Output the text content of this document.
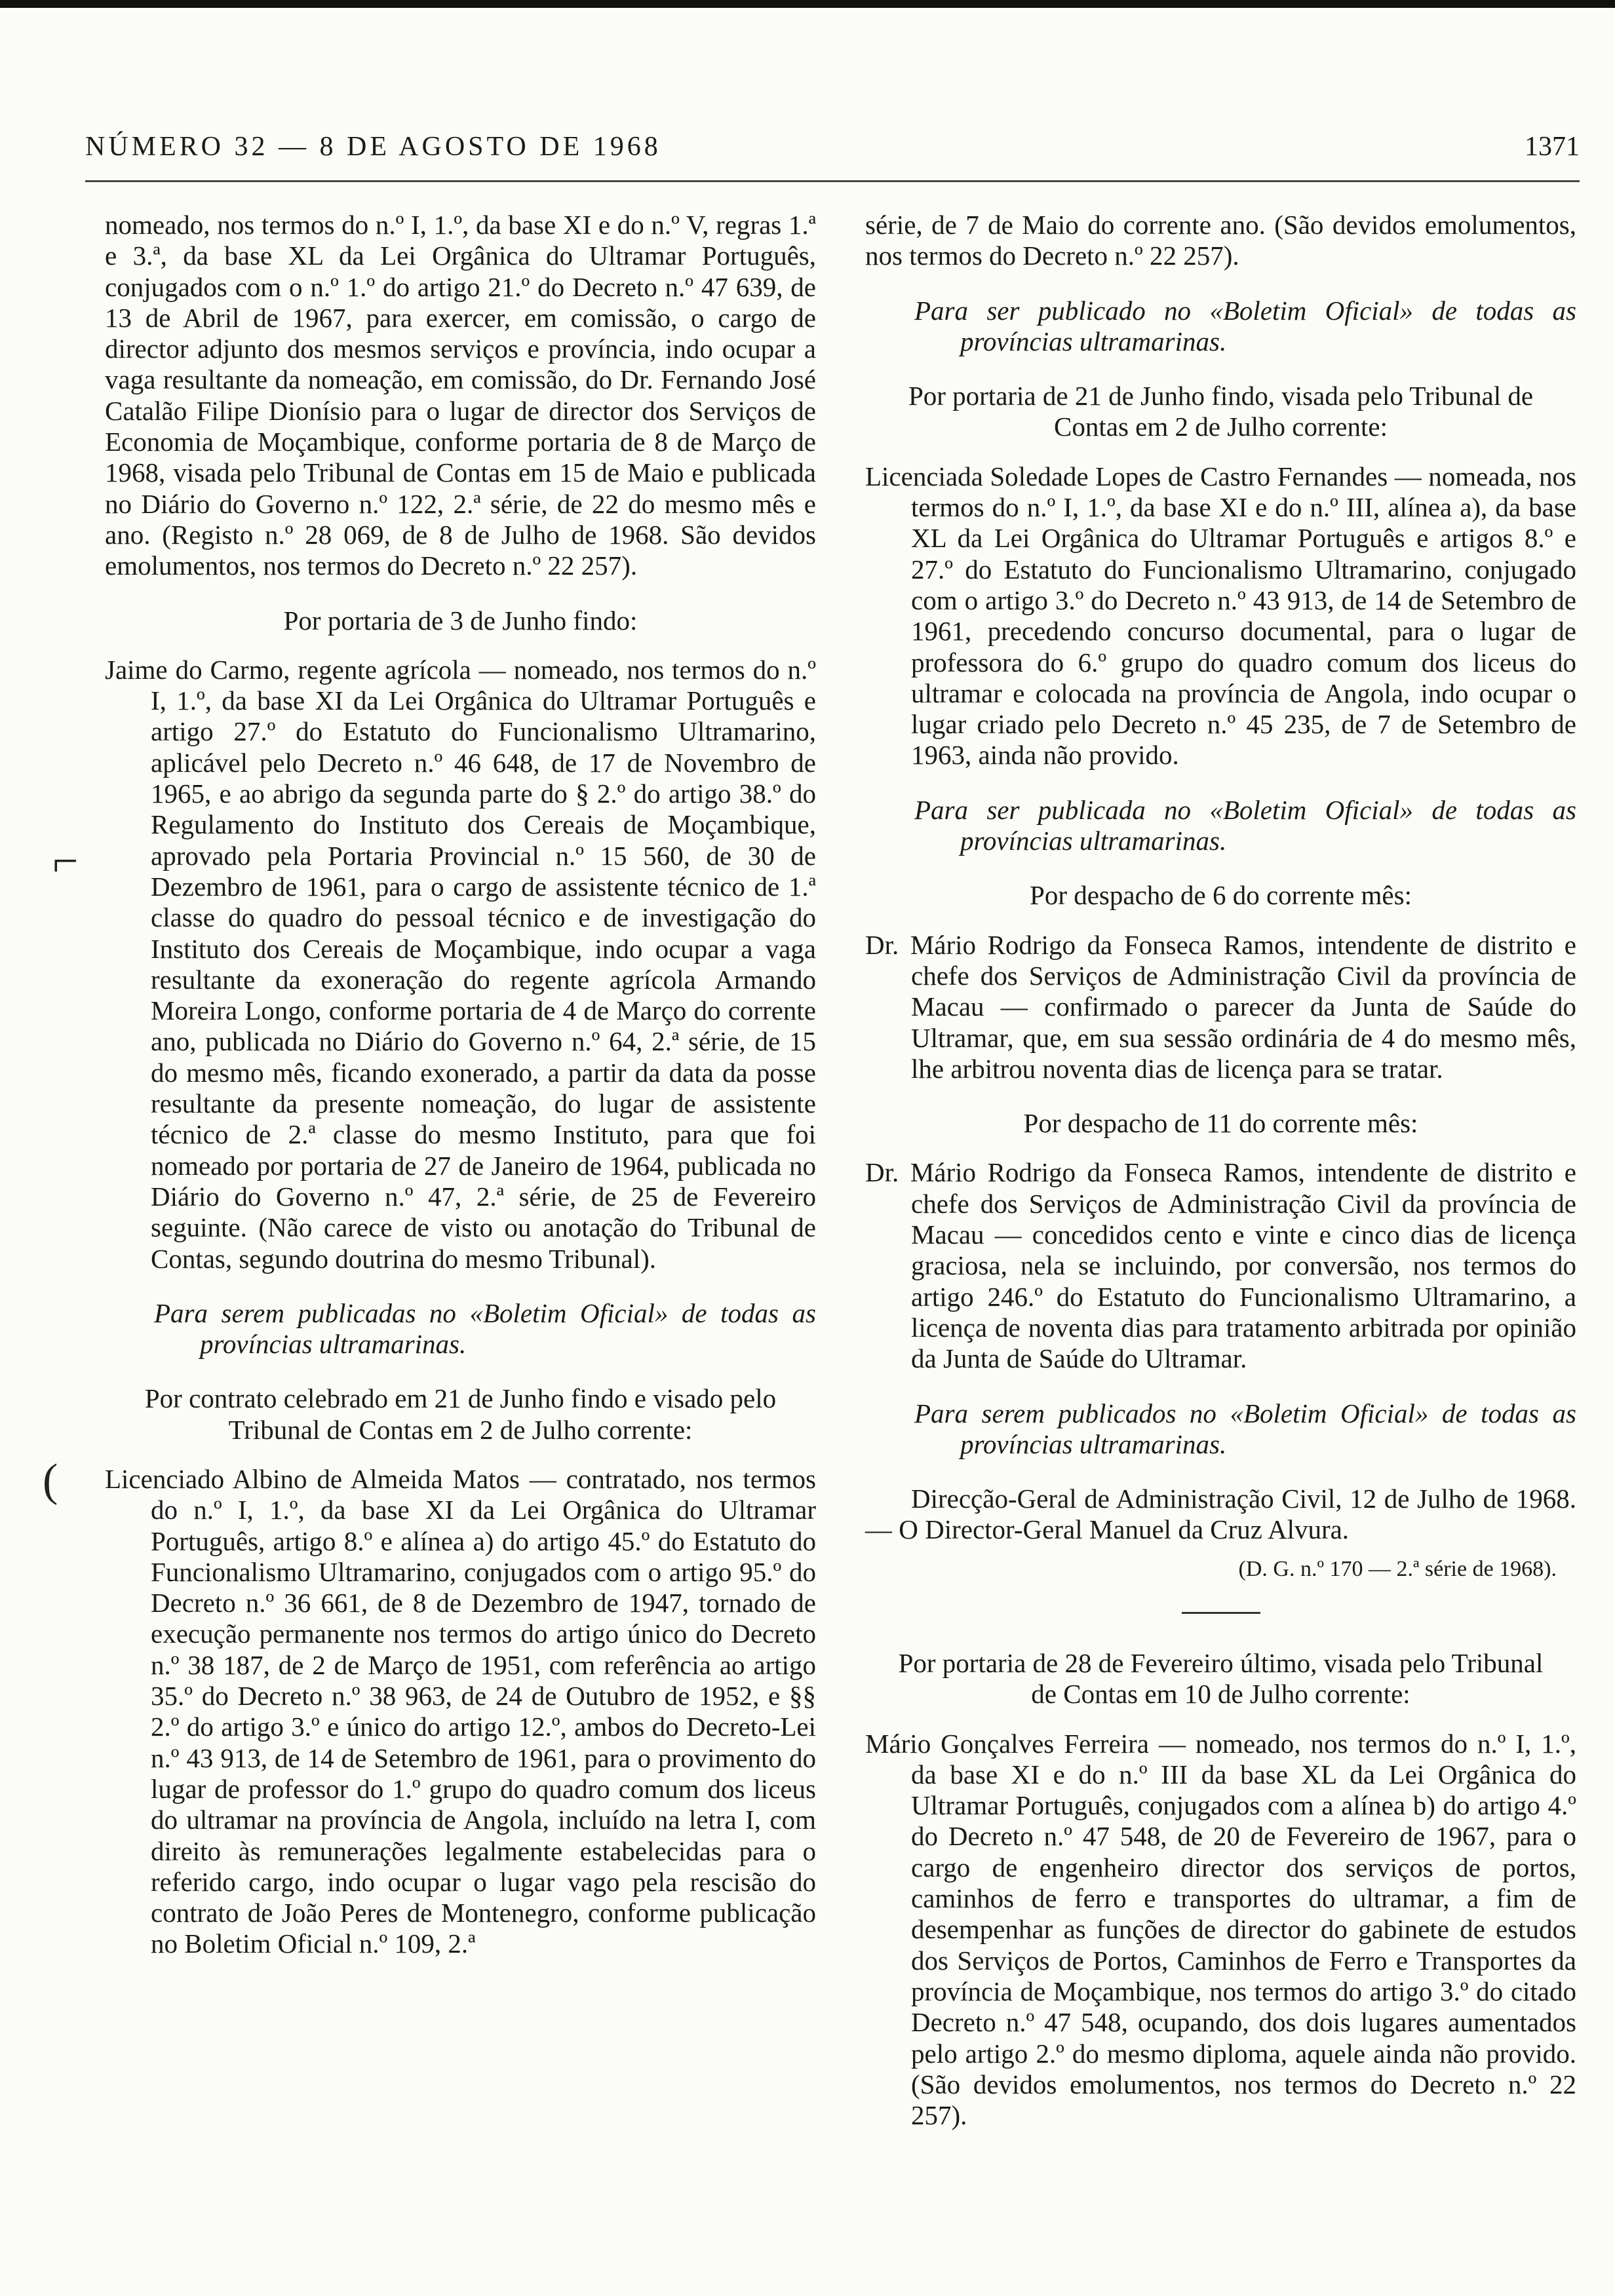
NÚMERO 32 — 8 DE AGOSTO DE 1968	1371
⌐
(

nomeado, nos termos do n.º I, 1.º, da base XI e do n.º V, regras 1.ª e 3.ª, da base XL da Lei Orgânica do Ultramar Português, conjugados com o n.º 1.º do artigo 21.º do Decreto n.º 47 639, de 13 de Abril de 1967, para exercer, em comissão, o cargo de director adjunto dos mesmos serviços e província, indo ocupar a vaga resultante da nomeação, em comissão, do Dr. Fernando José Catalão Filipe Dionísio para o lugar de director dos Serviços de Economia de Moçambique, conforme portaria de 8 de Março de 1968, visada pelo Tribunal de Contas em 15 de Maio e publicada no Diário do Governo n.º 122, 2.ª série, de 22 do mesmo mês e ano. (Registo n.º 28 069, de 8 de Julho de 1968. São devidos emolumentos, nos termos do Decreto n.º 22 257).

Por portaria de 3 de Junho findo:

Jaime do Carmo, regente agrícola — nomeado, nos termos do n.º I, 1.º, da base XI da Lei Orgânica do Ultramar Português e artigo 27.º do Estatuto do Funcionalismo Ultramarino, aplicável pelo Decreto n.º 46 648, de 17 de Novembro de 1965, e ao abrigo da segunda parte do § 2.º do artigo 38.º do Regulamento do Instituto dos Cereais de Moçambique, aprovado pela Portaria Provincial n.º 15 560, de 30 de Dezembro de 1961, para o cargo de assistente técnico de 1.ª classe do quadro do pessoal técnico e de investigação do Instituto dos Cereais de Moçambique, indo ocupar a vaga resultante da exoneração do regente agrícola Armando Moreira Longo, conforme portaria de 4 de Março do corrente ano, publicada no Diário do Governo n.º 64, 2.ª série, de 15 do mesmo mês, ficando exonerado, a partir da data da posse resultante da presente nomeação, do lugar de assistente técnico de 2.ª classe do mesmo Instituto, para que foi nomeado por portaria de 27 de Janeiro de 1964, publicada no Diário do Governo n.º 47, 2.ª série, de 25 de Fevereiro seguinte. (Não carece de visto ou anotação do Tribunal de Contas, segundo doutrina do mesmo Tribunal).

Para serem publicadas no «Boletim Oficial» de todas as províncias ultramarinas.

Por contrato celebrado em 21 de Junho findo e visado pelo Tribunal de Contas em 2 de Julho corrente:

Licenciado Albino de Almeida Matos — contratado, nos termos do n.º I, 1.º, da base XI da Lei Orgânica do Ultramar Português, artigo 8.º e alínea a) do artigo 45.º do Estatuto do Funcionalismo Ultramarino, conjugados com o artigo 95.º do Decreto n.º 36 661, de 8 de Dezembro de 1947, tornado de execução permanente nos termos do artigo único do Decreto n.º 38 187, de 2 de Março de 1951, com referência ao artigo 35.º do Decreto n.º 38 963, de 24 de Outubro de 1952, e §§ 2.º do artigo 3.º e único do artigo 12.º, ambos do Decreto-Lei n.º 43 913, de 14 de Setembro de 1961, para o provimento do lugar de professor do 1.º grupo do quadro comum dos liceus do ultramar na província de Angola, incluído na letra I, com direito às remunerações legalmente estabelecidas para o referido cargo, indo ocupar o lugar vago pela rescisão do contrato de João Peres de Montenegro, conforme publicação no Boletim Oficial n.º 109, 2.ª

série, de 7 de Maio do corrente ano. (São devidos emolumentos, nos termos do Decreto n.º 22 257).

Para ser publicado no «Boletim Oficial» de todas as províncias ultramarinas.

Por portaria de 21 de Junho findo, visada pelo Tribunal de Contas em 2 de Julho corrente:

Licenciada Soledade Lopes de Castro Fernandes — nomeada, nos termos do n.º I, 1.º, da base XI e do n.º III, alínea a), da base XL da Lei Orgânica do Ultramar Português e artigos 8.º e 27.º do Estatuto do Funcionalismo Ultramarino, conjugado com o artigo 3.º do Decreto n.º 43 913, de 14 de Setembro de 1961, precedendo concurso documental, para o lugar de professora do 6.º grupo do quadro comum dos liceus do ultramar e colocada na província de Angola, indo ocupar o lugar criado pelo Decreto n.º 45 235, de 7 de Setembro de 1963, ainda não provido.

Para ser publicada no «Boletim Oficial» de todas as províncias ultramarinas.

Por despacho de 6 do corrente mês:

Dr. Mário Rodrigo da Fonseca Ramos, intendente de distrito e chefe dos Serviços de Administração Civil da província de Macau — confirmado o parecer da Junta de Saúde do Ultramar, que, em sua sessão ordinária de 4 do mesmo mês, lhe arbitrou noventa dias de licença para se tratar.

Por despacho de 11 do corrente mês:

Dr. Mário Rodrigo da Fonseca Ramos, intendente de distrito e chefe dos Serviços de Administração Civil da província de Macau — concedidos cento e vinte e cinco dias de licença graciosa, nela se incluindo, por conversão, nos termos do artigo 246.º do Estatuto do Funcionalismo Ultramarino, a licença de noventa dias para tratamento arbitrada por opinião da Junta de Saúde do Ultramar.

Para serem publicados no «Boletim Oficial» de todas as províncias ultramarinas.

Direcção-Geral de Administração Civil, 12 de Julho de 1968. — O Director-Geral Manuel da Cruz Alvura.

(D. G. n.º 170 — 2.ª série de 1968).

Por portaria de 28 de Fevereiro último, visada pelo Tribunal de Contas em 10 de Julho corrente:

Mário Gonçalves Ferreira — nomeado, nos termos do n.º I, 1.º, da base XI e do n.º III da base XL da Lei Orgânica do Ultramar Português, conjugados com a alínea b) do artigo 4.º do Decreto n.º 47 548, de 20 de Fevereiro de 1967, para o cargo de engenheiro director dos serviços de portos, caminhos de ferro e transportes do ultramar, a fim de desempenhar as funções de director do gabinete de estudos dos Serviços de Portos, Caminhos de Ferro e Transportes da província de Moçambique, nos termos do artigo 3.º do citado Decreto n.º 47 548, ocupando, dos dois lugares aumentados pelo artigo 2.º do mesmo diploma, aquele ainda não provido. (São devidos emolumentos, nos termos do Decreto n.º 22 257).
